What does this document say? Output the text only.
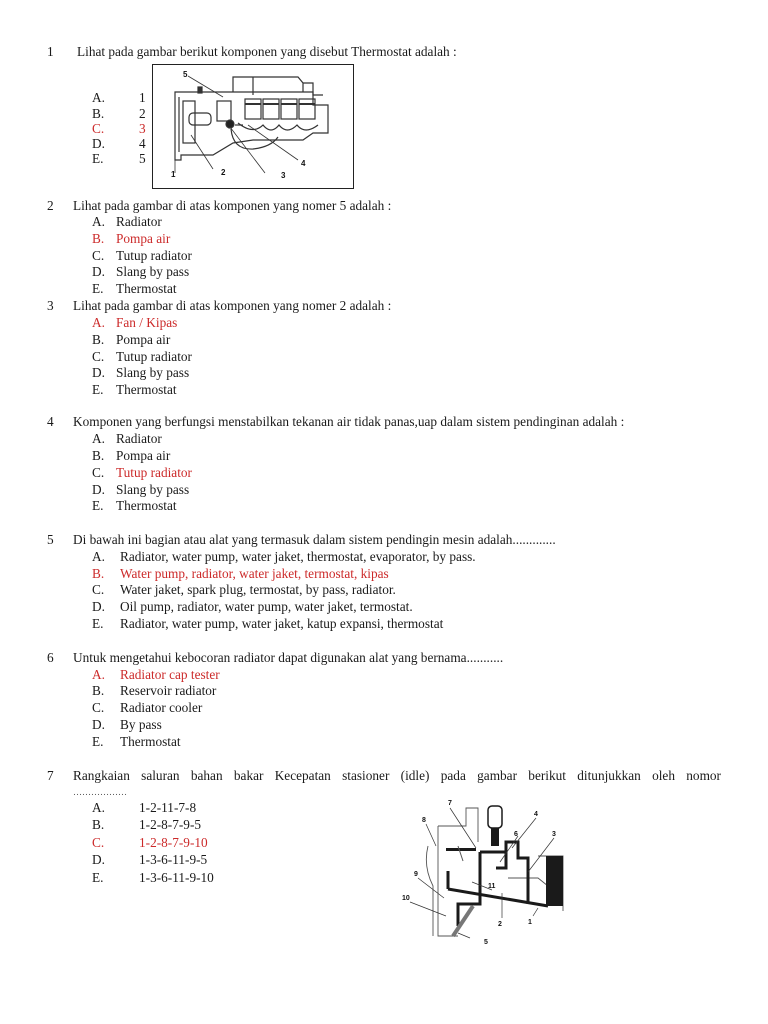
1 Lihat pada gambar berikut komponen yang disebut Thermostat adalah :
A.	1
B.	2
C.	3
D.	4
E.	5
5
1	2	3
4
2 Lihat pada gambar di atas komponen yang nomer 5 adalah :
A. Radiator
B. Pompa air
C. Tutup radiator
D. Slang by pass
E. Thermostat
3 Lihat pada gambar di atas komponen yang nomer 2 adalah :
A. Fan / Kipas
B. Pompa air
C. Tutup radiator
D. Slang by pass
E. Thermostat
4 Komponen yang berfungsi menstabilkan tekanan air tidak panas,uap dalam sistem pendinginan adalah :
A. Radiator
B. Pompa air
C. Tutup radiator
D. Slang by pass
E. Thermostat
5 Di bawah ini bagian atau alat yang termasuk dalam sistem pendingin mesin adalah.............
A. Radiator, water pump, water jaket, thermostat, evaporator, by pass.
B. Water pump, radiator, water jaket, termostat, kipas
C. Water jaket, spark plug, termostat, by pass, radiator.
D. Oil pump, radiator, water pump, water jaket, termostat.
E. Radiator, water pump, water jaket, katup expansi, thermostat
6 Untuk mengetahui kebocoran radiator dapat digunakan alat yang bernama...........
A. Radiator cap tester
B. Reservoir radiator
C. Radiator cooler
D. By pass
E. Thermostat
7 Rangkaian saluran bahan bakar Kecepatan stasioner (idle) pada gambar berikut ditunjukkan oleh nomor
………………
A.	1-2-11-7-8
B.	1-2-8-7-9-5
C.	1-2-8-7-9-10
D.	1-3-6-11-9-5
E.	1-3-6-11-9-10
7
8
6
4
3
9
10
11
2	1
5
